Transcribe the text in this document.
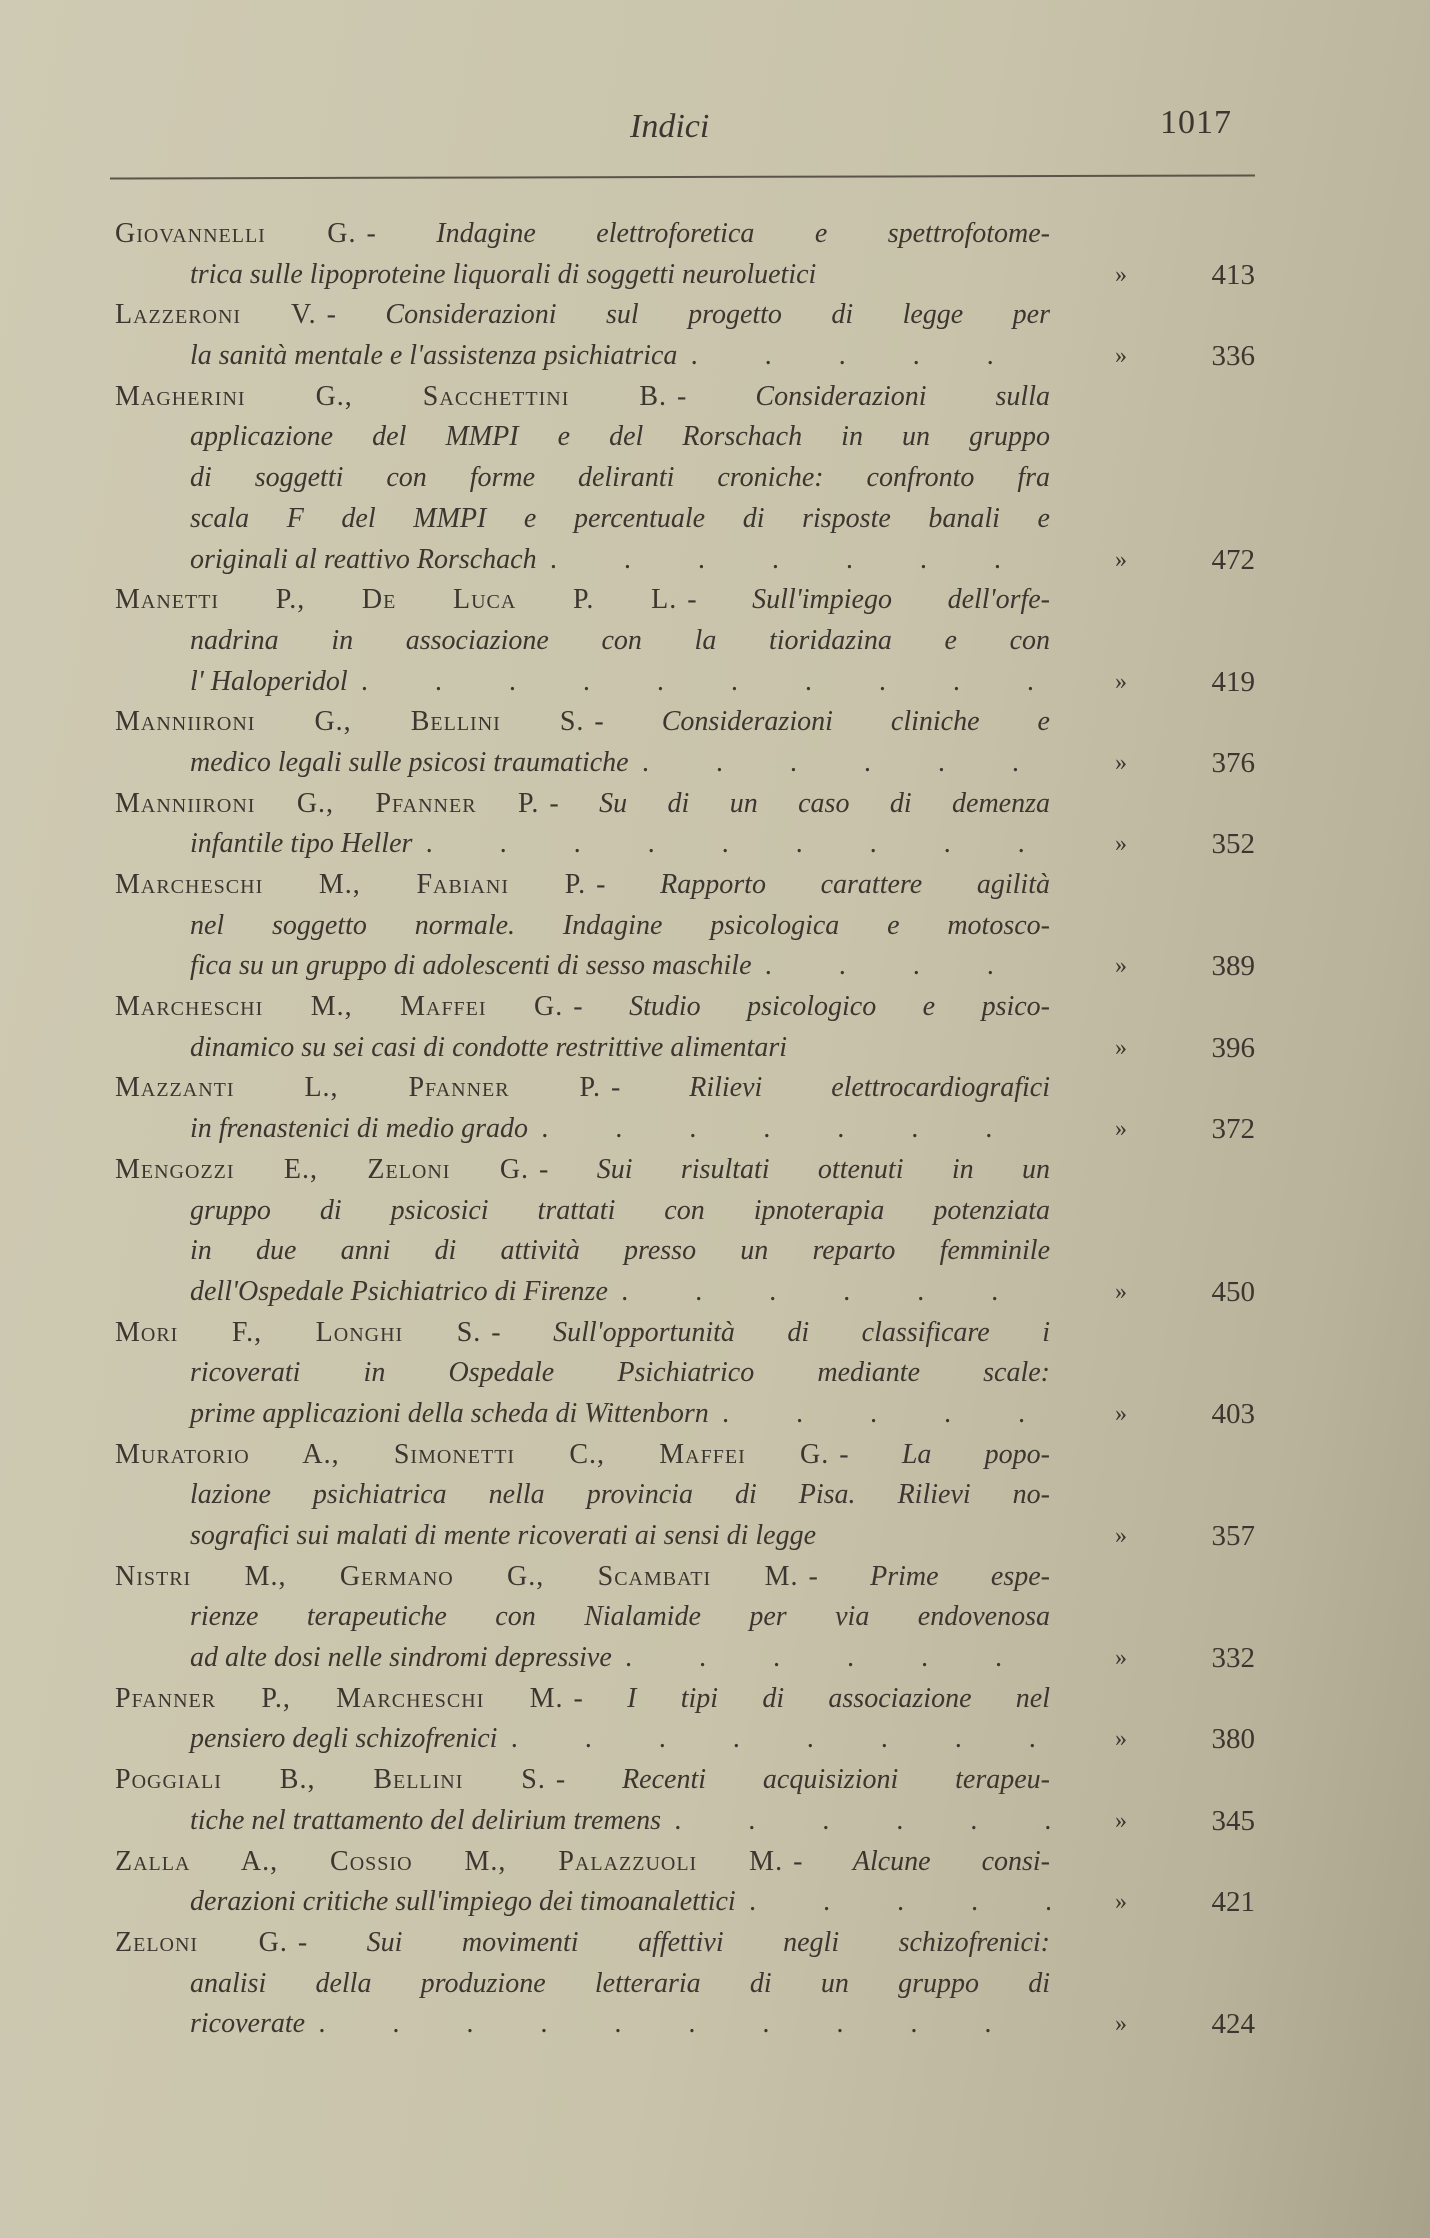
Indici	1017
Giovannelli G. - Indagine elettroforetica e spettrofotome-
trica sulle lipoproteine liquorali di soggetti neuroluetici	»	413
Lazzeroni V. - Considerazioni sul progetto di legge per
la sanità mentale e l'assistenza psichiatrica . . .	»	336
Magherini G., Sacchettini B. - Considerazioni sulla
applicazione del MMPI e del Rorschach in un gruppo
di soggetti con forme deliranti croniche: confronto fra
scala F del MMPI e percentuale di risposte banali e
originali al reattivo Rorschach . . .	»	472
Manetti P., De Luca P. L. - Sull'impiego dell'orfe-
nadrina in associazione con la tioridazina e con
l' Haloperidol . . .	»	419
Manniironi G., Bellini S. - Considerazioni cliniche e
medico legali sulle psicosi traumatiche . . .	»	376
Manniironi G., Pfanner P. - Su di un caso di demenza
infantile tipo Heller . . .	»	352
Marcheschi M., Fabiani P. - Rapporto carattere agilità
nel soggetto normale. Indagine psicologica e motosco-
fica su un gruppo di adolescenti di sesso maschile . . .	»	389
Marcheschi M., Maffei G. - Studio psicologico e psico-
dinamico su sei casi di condotte restrittive alimentari	»	396
Mazzanti L., Pfanner P. - Rilievi elettrocardiografici
in frenastenici di medio grado . . .	»	372
Mengozzi E., Zeloni G. - Sui risultati ottenuti in un
gruppo di psicosici trattati con ipnoterapia potenziata
in due anni di attività presso un reparto femminile
dell'Ospedale Psichiatrico di Firenze . . .	»	450
Mori F., Longhi S. - Sull'opportunità di classificare i
ricoverati in Ospedale Psichiatrico mediante scale:
prime applicazioni della scheda di Wittenborn . . .	»	403
Muratorio A., Simonetti C., Maffei G. - La popo-
lazione psichiatrica nella provincia di Pisa. Rilievi no-
sografici sui malati di mente ricoverati ai sensi di legge	»	357
Nistri M., Germano G., Scambati M. - Prime espe-
rienze terapeutiche con Nialamide per via endovenosa
ad alte dosi nelle sindromi depressive . . .	»	332
Pfanner P., Marcheschi M. - I tipi di associazione nel
pensiero degli schizofrenici . . .	»	380
Poggiali B., Bellini S. - Recenti acquisizioni terapeu-
tiche nel trattamento del delirium tremens . . .	»	345
Zalla A., Cossio M., Palazzuoli M. - Alcune consi-
derazioni critiche sull'impiego dei timoanalettici . . .	»	421
Zeloni G. - Sui movimenti affettivi negli schizofrenici:
analisi della produzione letteraria di un gruppo di
ricoverate . . .	»	424
